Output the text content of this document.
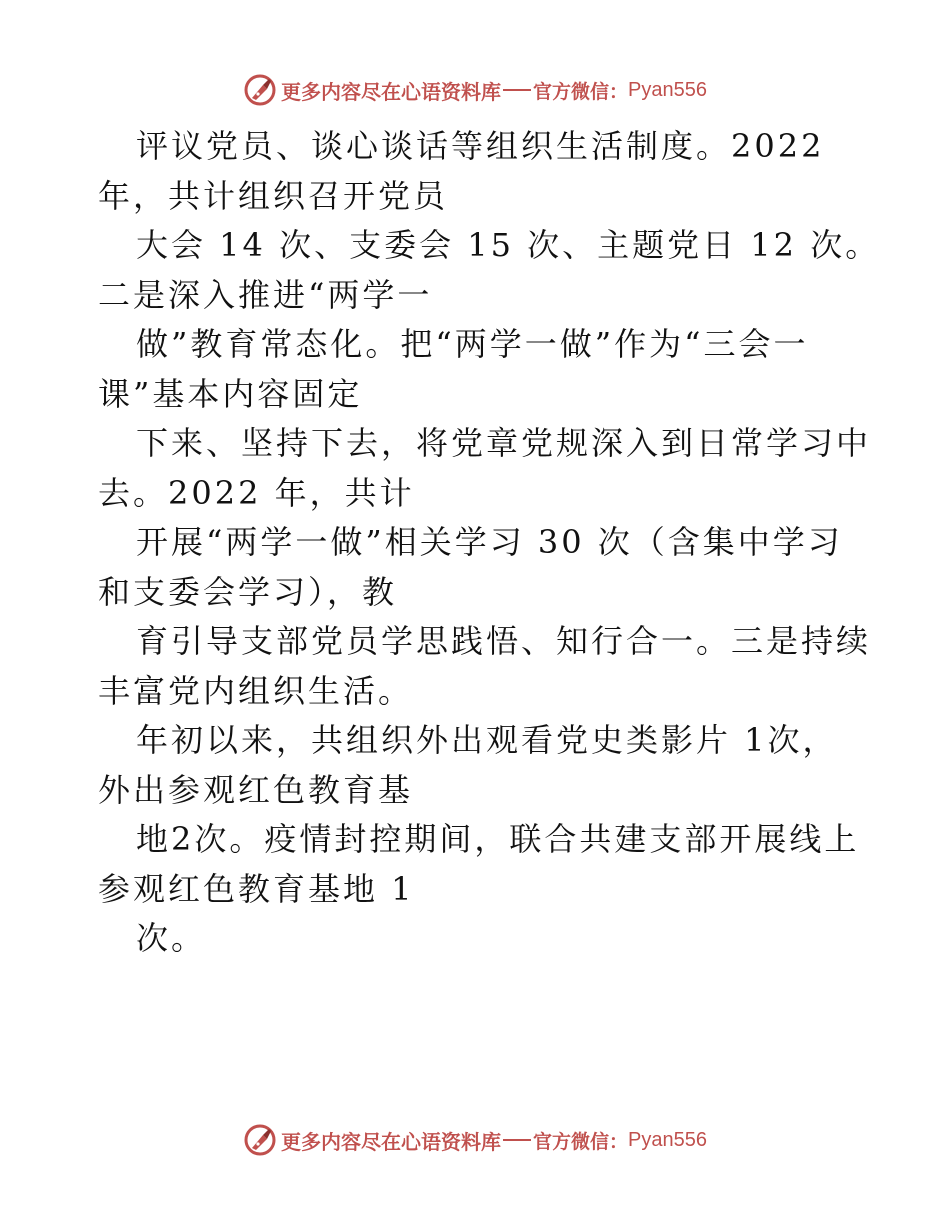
更多内容尽在心语资料库 官方微信： Pyan556
评议党员、谈心谈话等组织生活制度。2022
年，共计组织召开党员
大会 14 次、支委会 15 次、主题党日 12 次。
二是深入推进“两学一
做”教育常态化。把“两学一做”作为“三会一
课”基本内容固定
下来、坚持下去，将党章党规深入到日常学习中
去。2022 年，共计
开展“两学一做”相关学习 30 次（含集中学习
和支委会学习），教
育引导支部党员学思践悟、知行合一。三是持续
丰富党内组织生活。
年初以来，共组织外出观看党史类影片 1次，
外出参观红色教育基
地2次。疫情封控期间，联合共建支部开展线上
参观红色教育基地 1
次。
更多内容尽在心语资料库 官方微信： Pyan556
